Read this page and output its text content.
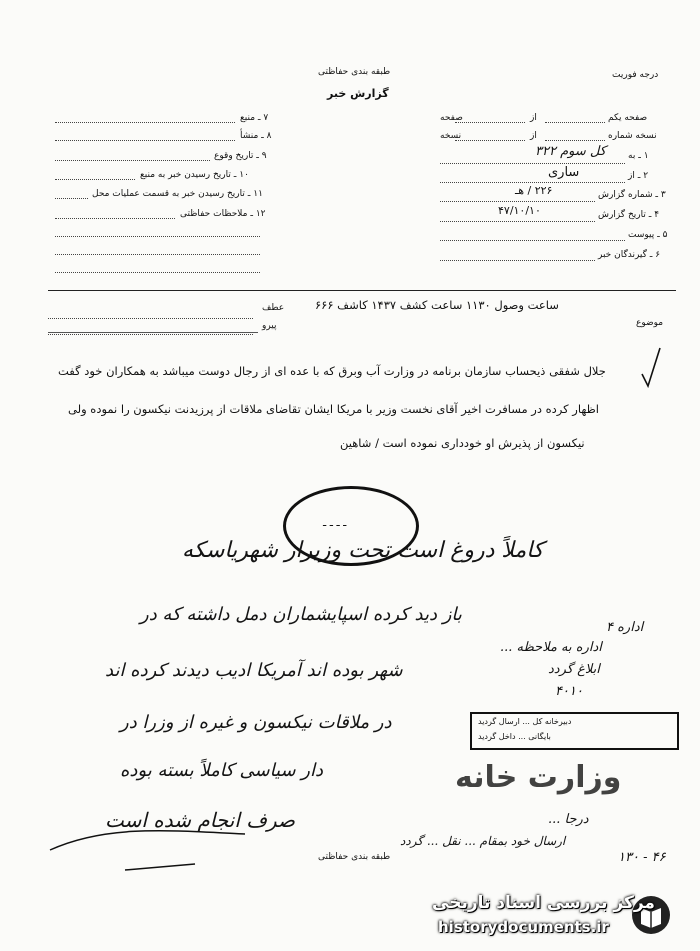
طبقه بندی حفاظتی
گزارش خبر
درجه فوریت
صفحه یکم
از
صفحه
نسخه شماره
از
نسخه
۱ ـ به
کل سوم ۳۲۲
۲ ـ از
ساری
۳ ـ شماره گزارش
۲۲۶ / هـ
۴ ـ تاریخ گزارش
۴۷/۱۰/۱۰
۵ ـ پیوست
۶ ـ گیرندگان خبر
۷ ـ منبع
۸ ـ منشأ
۹ ـ تاریخ وقوع
۱۰ ـ تاریخ رسیدن خبر به منبع
۱۱ ـ تاریخ رسیدن خبر به قسمت عملیات محل
۱۲ ـ ملاحظات حفاظتی
موضوع
ساعت وصول ۱۱۳۰ ساعت کشف ۱۴۳۷ کاشف ۶۶۶
عطف
پیرو
جلال شفقی ذیحساب سازمان برنامه در وزارت آب وبرق که با عده ای از رجال دوست میباشد به همکاران خود گفت
اظهار کرده در مسافرت اخیر آقای نخست وزیر با مریکا ایشان تقاضای ملاقات از پرزیدنت نیکسون را نموده ولی
نیکسون از پذیرش او خودداری نموده است / شاهین
ـ ـ ـ ـ
کاملاً دروغ است تحت وزیرار شهریاسکه
باز دید کرده اسپایشماران دمل داشته که در
شهر بوده اند آمریکا ادیب دیدند کرده اند
در ملاقات نیکسون و غیره از وزرا در
دار سیاسی کاملاً بسته بوده
صرف انجام شده است
اداره ۴
اداره به ملاحظه ...
ابلاغ گردد
۴۰۱۰
دبیرخانه کل ... ارسال گردید
بایگانی ... داخل گردید
وزارت خانه
درجا ...
ارسال خود بمقام ... نقل ... گردد
۴۶ - ۱۳۰
طبقه بندی حفاظتی
مرکز بررسی اسناد تاریخی
historydocuments.ir
